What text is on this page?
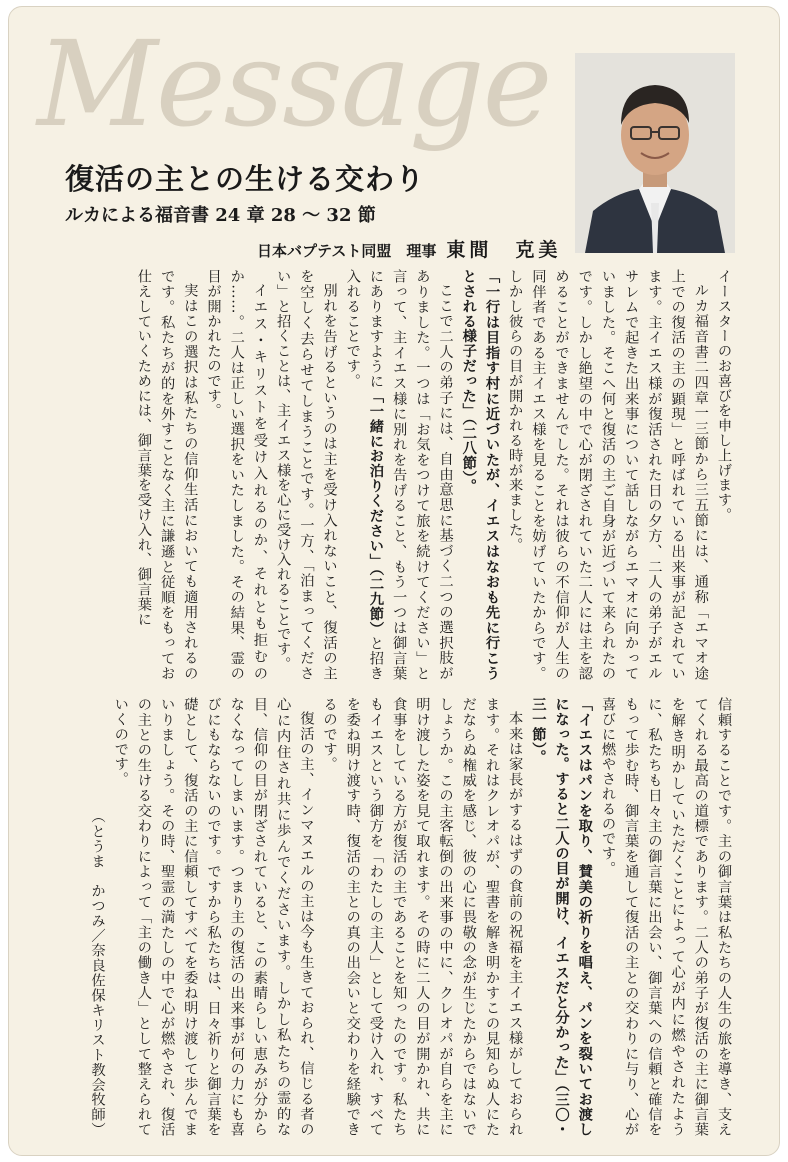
Message
復活の主との生ける交わり
ルカによる福音書 24 章 28 ～ 32 節
日本バプテスト同盟　理事 東間　克美

イースターのお喜びを申し上げます。

ルカ福音書二四章一三節から三五節には、通称「エマオ途上での復活の主の顕現」と呼ばれている出来事が記されています。主イエス様が復活された日の夕方、二人の弟子がエルサレムで起きた出来事について話しながらエマオに向かっていました。そこへ何と復活の主ご自身が近づいて来られたのです。しかし絶望の中で心が閉ざされていた二人には主を認めることができませんでした。それは彼らの不信仰が人生の同伴者である主イエス様を見ることを妨げていたからです。しかし彼らの目が開かれる時が来ました。

「一行は目指す村に近づいたが、イエスはなおも先に行こうとされる様子だった」（二八節）。

ここで二人の弟子には、自由意思に基づく二つの選択肢がありました。一つは「お気をつけて旅を続けてください」と言って、主イエス様に別れを告げること、もう一つは御言葉にありますように「一緒にお泊りください」（二九節）と招き入れることです。

別れを告げるというのは主を受け入れないこと、復活の主を空しく去らせてしまうことです。一方、「泊まってください」と招くことは、主イエス様を心に受け入れることです。

イエス・キリストを受け入れるのか、それとも拒むのか……。二人は正しい選択をいたしました。その結果、霊の目が開かれたのです。

実はこの選択は私たちの信仰生活においても適用されるのです。私たちが的を外すことなく主に謙遜と従順をもってお仕えしていくためには、御言葉を受け入れ、御言葉に

信頼することです。主の御言葉は私たちの人生の旅を導き、支えてくれる最高の道標であります。二人の弟子が復活の主に御言葉を解き明かしていただくことによって心が内に燃やされたように、私たちも日々主の御言葉に出会い、御言葉への信頼と確信をもって歩む時、御言葉を通して復活の主との交わりに与り、心が喜びに燃やされるのです。

「イエスはパンを取り、賛美の祈りを唱え、パンを裂いてお渡しになった。すると二人の目が開け、イエスだと分かった」（三〇・三一節）。

本来は家長がするはずの食前の祝福を主イエス様がしておられます。それはクレオパが、聖書を解き明かすこの見知らぬ人にただならぬ権威を感じ、彼の心に畏敬の念が生じたからではないでしょうか。この主客転倒の出来事の中に、クレオパが自らを主に明け渡した姿を見て取れます。その時に二人の目が開かれ、共に食事をしている方が復活の主であることを知ったのです。私たちもイエスという御方を「わたしの主人」として受け入れ、すべてを委ね明け渡す時、復活の主との真の出会いと交わりを経験できるのです。

復活の主、インマヌエルの主は今も生きておられ、信じる者の心に内住され共に歩んでくださいます。しかし私たちの霊的な目、信仰の目が閉ざされていると、この素晴らしい恵みが分からなくなってしまいます。つまり主の復活の出来事が何の力にも喜びにもならないのです。ですから私たちは、日々祈りと御言葉を礎として、復活の主に信頼してすべてを委ね明け渡して歩んでまいりましょう。その時、聖霊の満たしの中で心が燃やされ、復活の主との生ける交わりによって「主の働き人」として整えられていくのです。

（とうま　かつみ／奈良佐保キリスト教会牧師）
